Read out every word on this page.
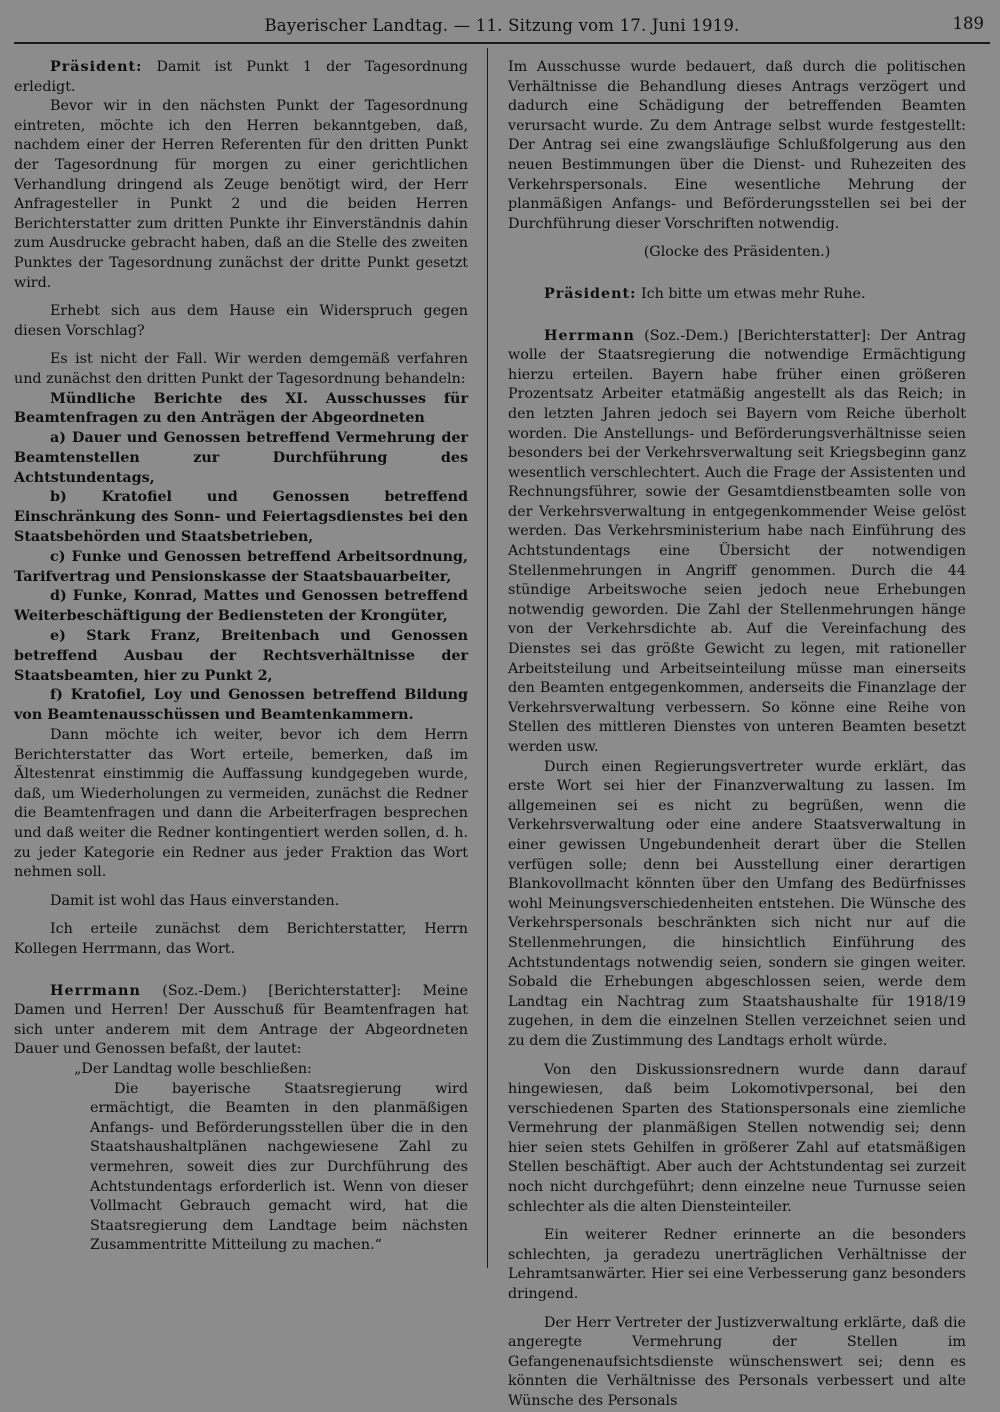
Bayerischer Landtag. — 11. Sitzung vom 17. Juni 1919.	189

Präsident: Damit ist Punkt 1 der Tagesordnung erledigt.

Bevor wir in den nächsten Punkt der Tagesordnung eintreten, möchte ich den Herren bekanntgeben, daß, nachdem einer der Herren Referenten für den dritten Punkt der Tagesordnung für morgen zu einer gerichtlichen Verhandlung dringend als Zeuge benötigt wird, der Herr Anfragesteller in Punkt 2 und die beiden Herren Berichterstatter zum dritten Punkte ihr Einverständnis dahin zum Ausdrucke gebracht haben, daß an die Stelle des zweiten Punktes der Tagesordnung zunächst der dritte Punkt gesetzt wird.

Erhebt sich aus dem Hause ein Widerspruch gegen diesen Vorschlag?

Es ist nicht der Fall. Wir werden demgemäß verfahren und zunächst den dritten Punkt der Tagesordnung behandeln:

Mündliche Berichte des XI. Ausschusses für Beamtenfragen zu den Anträgen der Abgeordneten

a) Dauer und Genossen betreffend Vermehrung der Beamtenstellen zur Durchführung des Achtstundentags,

b) Kratofiel und Genossen betreffend Einschränkung des Sonn- und Feiertagsdienstes bei den Staatsbehörden und Staatsbetrieben,

c) Funke und Genossen betreffend Arbeitsordnung, Tarifvertrag und Pensionskasse der Staatsbauarbeiter,

d) Funke, Konrad, Mattes und Genossen betreffend Weiterbeschäftigung der Bediensteten der Krongüter,

e) Stark Franz, Breitenbach und Genossen betreffend Ausbau der Rechtsverhältnisse der Staatsbeamten, hier zu Punkt 2,

f) Kratofiel, Loy und Genossen betreffend Bildung von Beamtenausschüssen und Beamtenkammern.

Dann möchte ich weiter, bevor ich dem Herrn Berichterstatter das Wort erteile, bemerken, daß im Ältestenrat einstimmig die Auffassung kundgegeben wurde, daß, um Wiederholungen zu vermeiden, zunächst die Redner die Beamtenfragen und dann die Arbeiterfragen besprechen und daß weiter die Redner kontingentiert werden sollen, d. h. zu jeder Kategorie ein Redner aus jeder Fraktion das Wort nehmen soll.

Damit ist wohl das Haus einverstanden.

Ich erteile zunächst dem Berichterstatter, Herrn Kollegen Herrmann, das Wort.

Herrmann (Soz.-Dem.) [Berichterstatter]: Meine Damen und Herren! Der Ausschuß für Beamtenfragen hat sich unter anderem mit dem Antrage der Abgeordneten Dauer und Genossen befaßt, der lautet:

„Der Landtag wolle beschließen:

Die bayerische Staatsregierung wird ermächtigt, die Beamten in den planmäßigen Anfangs- und Beförderungsstellen über die in den Staatshaushaltplänen nachgewiesene Zahl zu vermehren, soweit dies zur Durchführung des Achtstundentags erforderlich ist. Wenn von dieser Vollmacht Gebrauch gemacht wird, hat die Staatsregierung dem Landtage beim nächsten Zusammentritte Mitteilung zu machen.“

Im Ausschusse wurde bedauert, daß durch die politischen Verhältnisse die Behandlung dieses Antrags verzögert und dadurch eine Schädigung der betreffenden Beamten verursacht wurde. Zu dem Antrage selbst wurde festgestellt: Der Antrag sei eine zwangsläufige Schlußfolgerung aus den neuen Bestimmungen über die Dienst- und Ruhezeiten des Verkehrspersonals. Eine wesentliche Mehrung der planmäßigen Anfangs- und Beförderungsstellen sei bei der Durchführung dieser Vorschriften notwendig.

(Glocke des Präsidenten.)

Präsident: Ich bitte um etwas mehr Ruhe.

Herrmann (Soz.-Dem.) [Berichterstatter]: Der Antrag wolle der Staatsregierung die notwendige Ermächtigung hierzu erteilen. Bayern habe früher einen größeren Prozentsatz Arbeiter etatmäßig angestellt als das Reich; in den letzten Jahren jedoch sei Bayern vom Reiche überholt worden. Die Anstellungs- und Beförderungsverhältnisse seien besonders bei der Verkehrsverwaltung seit Kriegsbeginn ganz wesentlich verschlechtert. Auch die Frage der Assistenten und Rechnungsführer, sowie der Gesamtdienstbeamten solle von der Verkehrsverwaltung in entgegenkommender Weise gelöst werden. Das Verkehrsministerium habe nach Einführung des Achtstundentags eine Übersicht der notwendigen Stellenmehrungen in Angriff genommen. Durch die 44 stündige Arbeitswoche seien jedoch neue Erhebungen notwendig geworden. Die Zahl der Stellenmehrungen hänge von der Verkehrsdichte ab. Auf die Vereinfachung des Dienstes sei das größte Gewicht zu legen, mit rationeller Arbeitsteilung und Arbeitseinteilung müsse man einerseits den Beamten entgegenkommen, anderseits die Finanzlage der Verkehrsverwaltung verbessern. So könne eine Reihe von Stellen des mittleren Dienstes von unteren Beamten besetzt werden usw.

Durch einen Regierungsvertreter wurde erklärt, das erste Wort sei hier der Finanzverwaltung zu lassen. Im allgemeinen sei es nicht zu begrüßen, wenn die Verkehrsverwaltung oder eine andere Staatsverwaltung in einer gewissen Ungebundenheit derart über die Stellen verfügen solle; denn bei Ausstellung einer derartigen Blankovollmacht könnten über den Umfang des Bedürfnisses wohl Meinungsverschiedenheiten entstehen. Die Wünsche des Verkehrspersonals beschränkten sich nicht nur auf die Stellenmehrungen, die hinsichtlich Einführung des Achtstundentags notwendig seien, sondern sie gingen weiter. Sobald die Erhebungen abgeschlossen seien, werde dem Landtag ein Nachtrag zum Staatshaushalte für 1918/19 zugehen, in dem die einzelnen Stellen verzeichnet seien und zu dem die Zustimmung des Landtags erholt würde.

Von den Diskussionsrednern wurde dann darauf hingewiesen, daß beim Lokomotivpersonal, bei den verschiedenen Sparten des Stationspersonals eine ziemliche Vermehrung der planmäßigen Stellen notwendig sei; denn hier seien stets Gehilfen in größerer Zahl auf etatsmäßigen Stellen beschäftigt. Aber auch der Achtstundentag sei zurzeit noch nicht durchgeführt; denn einzelne neue Turnusse seien schlechter als die alten Diensteinteiler.

Ein weiterer Redner erinnerte an die besonders schlechten, ja geradezu unerträglichen Verhältnisse der Lehramtsanwärter. Hier sei eine Verbesserung ganz besonders dringend.

Der Herr Vertreter der Justizverwaltung erklärte, daß die angeregte Vermehrung der Stellen im Gefangenenaufsichtsdienste wünschenswert sei; denn es könnten die Verhältnisse des Personals verbessert und alte Wünsche des Personals
